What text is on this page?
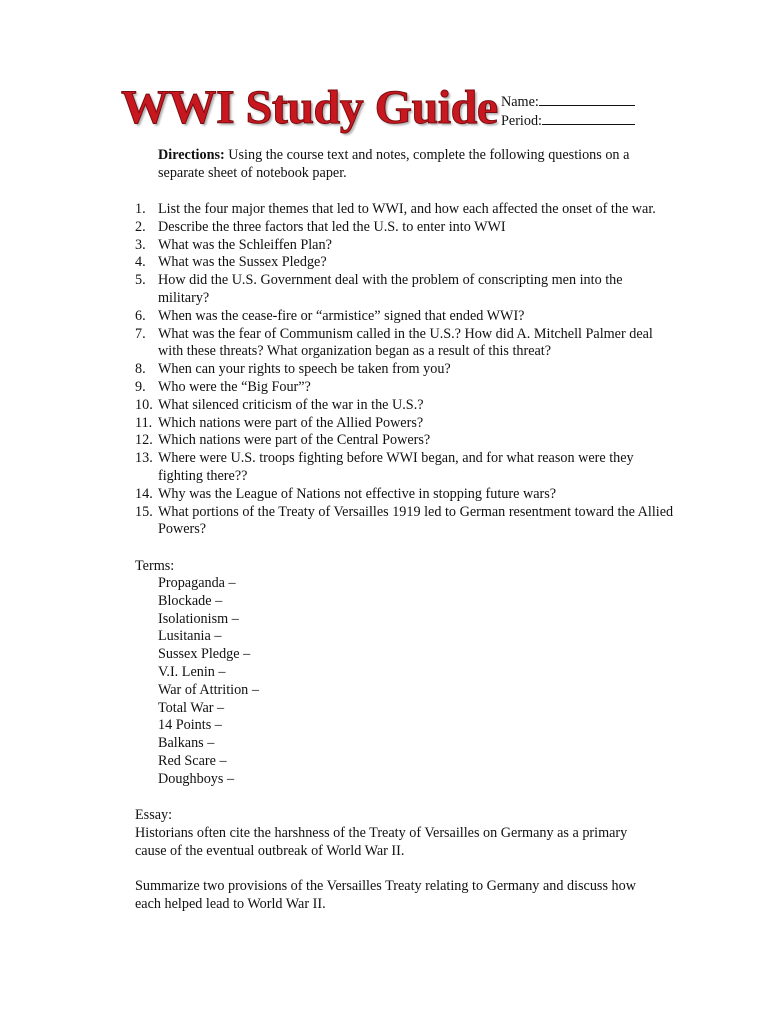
WWI Study Guide Name:
Period:
Directions: Using the course text and notes, complete the following questions on a separate sheet of notebook paper.
1. List the four major themes that led to WWI, and how each affected the onset of the war.
2. Describe the three factors that led the U.S. to enter into WWI
3. What was the Schleiffen Plan?
4. What was the Sussex Pledge?
5. How did the U.S. Government deal with the problem of conscripting men into the military?
6. When was the cease-fire or “armistice” signed that ended WWI?
7. What was the fear of Communism called in the U.S.? How did A. Mitchell Palmer deal with these threats? What organization began as a result of this threat?
8. When can your rights to speech be taken from you?
9. Who were the “Big Four”?
10. What silenced criticism of the war in the U.S.?
11. Which nations were part of the Allied Powers?
12. Which nations were part of the Central Powers?
13. Where were U.S. troops fighting before WWI began, and for what reason were they fighting there??
14. Why was the League of Nations not effective in stopping future wars?
15. What portions of the Treaty of Versailles 1919 led to German resentment toward the Allied Powers?
Terms:
Propaganda –
Blockade –
Isolationism –
Lusitania –
Sussex Pledge –
V.I. Lenin –
War of Attrition –
Total War –
14 Points –
Balkans –
Red Scare –
Doughboys –

Essay:

Historians often cite the harshness of the Treaty of Versailles on Germany as a primary cause of the eventual outbreak of World War II.

Summarize two provisions of the Versailles Treaty relating to Germany and discuss how each helped lead to World War II.
